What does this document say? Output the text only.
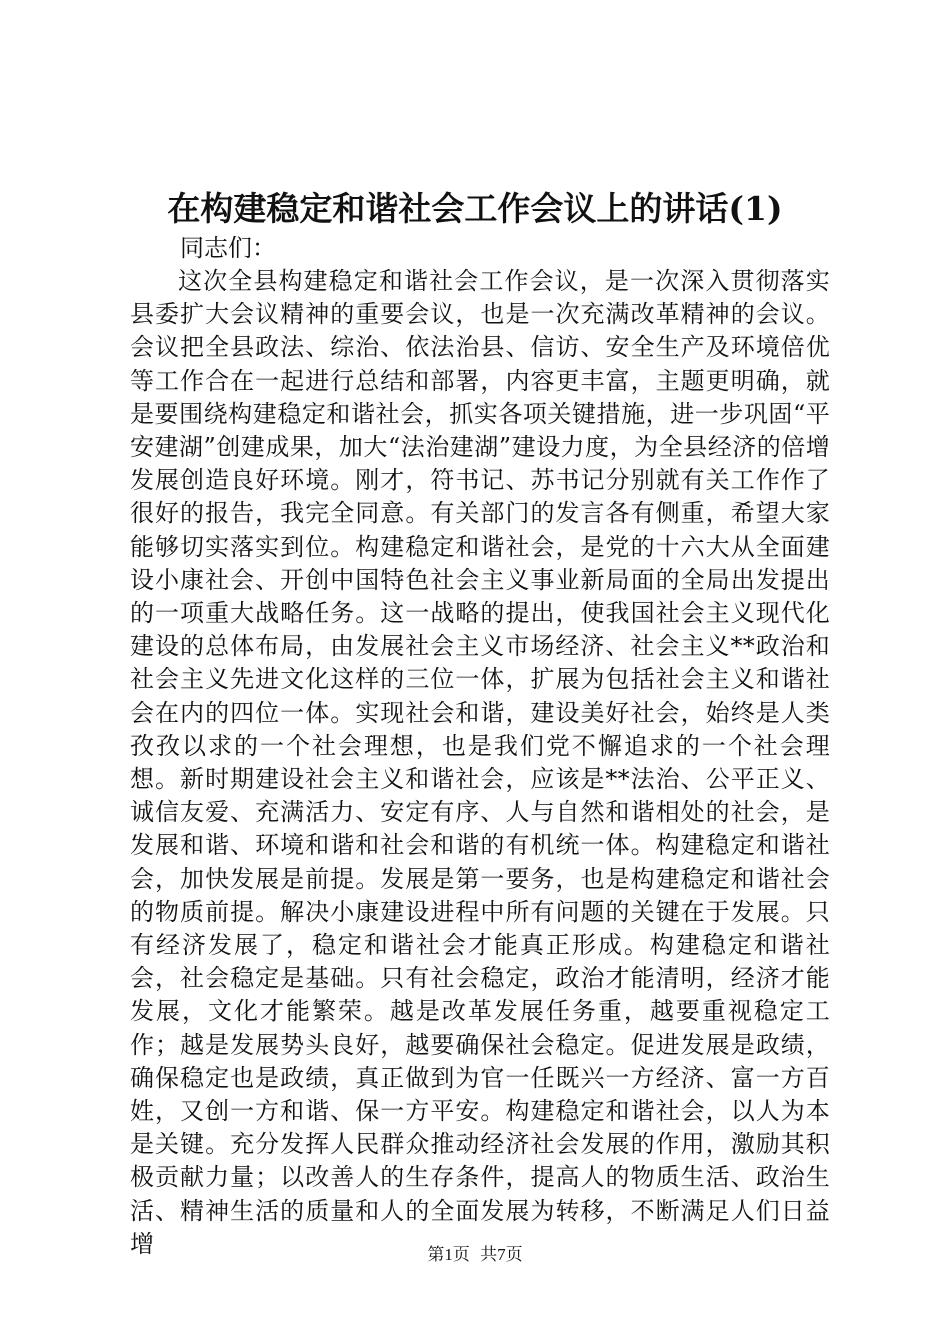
在构建稳定和谐社会工作会议上的讲话(1)
同志们：

这次全县构建稳定和谐社会工作会议，是一次深入贯彻落实县委扩大会议精神的重要会议，也是一次充满改革精神的会议。会议把全县政法、综治、依法治县、信访、安全生产及环境倍优等工作合在一起进行总结和部署，内容更丰富，主题更明确，就是要围绕构建稳定和谐社会，抓实各项关键措施，进一步巩固“平安建湖”创建成果，加大“法治建湖”建设力度，为全县经济的倍增发展创造良好环境。刚才，符书记、苏书记分别就有关工作作了很好的报告，我完全同意。有关部门的发言各有侧重，希望大家能够切实落实到位。构建稳定和谐社会，是党的十六大从全面建设小康社会、开创中国特色社会主义事业新局面的全局出发提出的一项重大战略任务。这一战略的提出，使我国社会主义现代化建设的总体布局，由发展社会主义市场经济、社会主义**政治和社会主义先进文化这样的三位一体，扩展为包括社会主义和谐社会在内的四位一体。实现社会和谐，建设美好社会，始终是人类孜孜以求的一个社会理想，也是我们党不懈追求的一个社会理想。新时期建设社会主义和谐社会，应该是**法治、公平正义、诚信友爱、充满活力、安定有序、人与自然和谐相处的社会，是发展和谐、环境和谐和社会和谐的有机统一体。构建稳定和谐社会，加快发展是前提。发展是第一要务，也是构建稳定和谐社会的物质前提。解决小康建设进程中所有问题的关键在于发展。只有经济发展了，稳定和谐社会才能真正形成。构建稳定和谐社会，社会稳定是基础。只有社会稳定，政治才能清明，经济才能发展，文化才能繁荣。越是改革发展任务重，越要重视稳定工作；越是发展势头良好，越要确保社会稳定。促进发展是政绩，确保稳定也是政绩，真正做到为官一任既兴一方经济、富一方百姓，又创一方和谐、保一方平安。构建稳定和谐社会，以人为本是关键。充分发挥人民群众推动经济社会发展的作用，激励其积极贡献力量；以改善人的生存条件，提高人的物质生活、政治生活、精神生活的质量和人的全面发展为转移，不断满足人们日益增	第1页 共7页
